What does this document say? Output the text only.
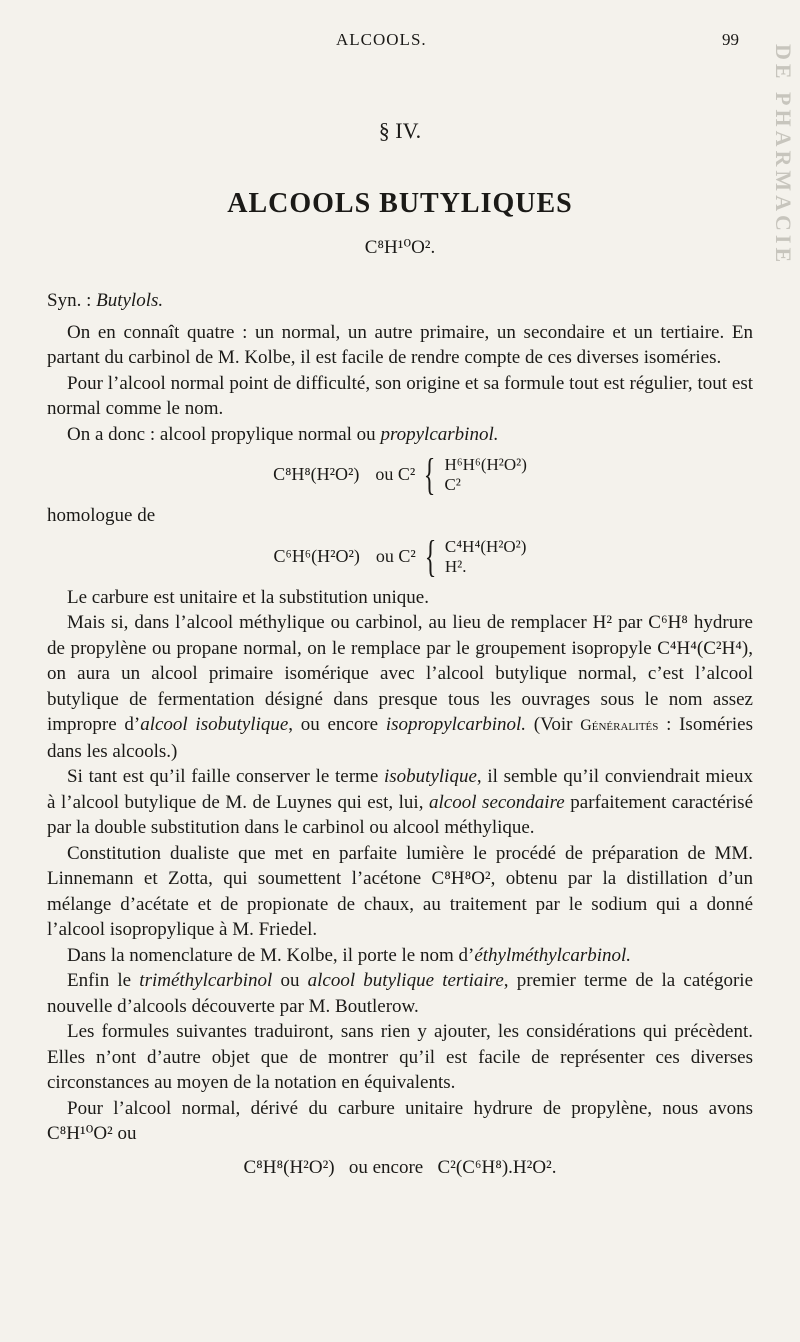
ALCOOLS.	99
DE PHARMACIE
§ IV.
ALCOOLS BUTYLIQUES
C⁸H¹⁰O².

Syn. : Butylols.

On en connaît quatre : un normal, un autre primaire, un secondaire et un tertiaire. En partant du carbinol de M. Kolbe, il est facile de rendre compte de ces diverses isoméries.

Pour l’alcool normal point de difficulté, son origine et sa formule tout est régulier, tout est normal comme le nom.

On a donc : alcool propylique normal ou propylcarbinol.

C⁸H⁸(H²O²) ou C² { H⁶H⁶(H²O²)
C²

homologue de

C⁶H⁶(H²O²) ou C² { C⁴H⁴(H²O²)
H².

Le carbure est unitaire et la substitution unique.

Mais si, dans l’alcool méthylique ou carbinol, au lieu de remplacer H² par C⁶H⁸ hydrure de propylène ou propane normal, on le remplace par le groupement isopropyle C⁴H⁴(C²H⁴), on aura un alcool primaire isomérique avec l’alcool butylique normal, c’est l’alcool butylique de fermentation désigné dans presque tous les ouvrages sous le nom assez impropre d’alcool isobutylique, ou encore isopropylcarbinol. (Voir Généralités : Isoméries dans les alcools.)

Si tant est qu’il faille conserver le terme isobutylique, il semble qu’il conviendrait mieux à l’alcool butylique de M. de Luynes qui est, lui, alcool secondaire parfaitement caractérisé par la double substitution dans le carbinol ou alcool méthylique.

Constitution dualiste que met en parfaite lumière le procédé de préparation de MM. Linnemann et Zotta, qui soumettent l’acétone C⁸H⁸O², obtenu par la distillation d’un mélange d’acétate et de propionate de chaux, au traitement par le sodium qui a donné l’alcool isopropylique à M. Friedel.

Dans la nomenclature de M. Kolbe, il porte le nom d’éthylméthylcarbinol.

Enfin le triméthylcarbinol ou alcool butylique tertiaire, premier terme de la catégorie nouvelle d’alcools découverte par M. Boutlerow.

Les formules suivantes traduiront, sans rien y ajouter, les considérations qui précèdent. Elles n’ont d’autre objet que de montrer qu’il est facile de représenter ces diverses circonstances au moyen de la notation en équivalents.

Pour l’alcool normal, dérivé du carbure unitaire hydrure de propylène, nous avons C⁸H¹⁰O² ou

C⁸H⁸(H²O²) ou encore C²(C⁶H⁸).H²O².
